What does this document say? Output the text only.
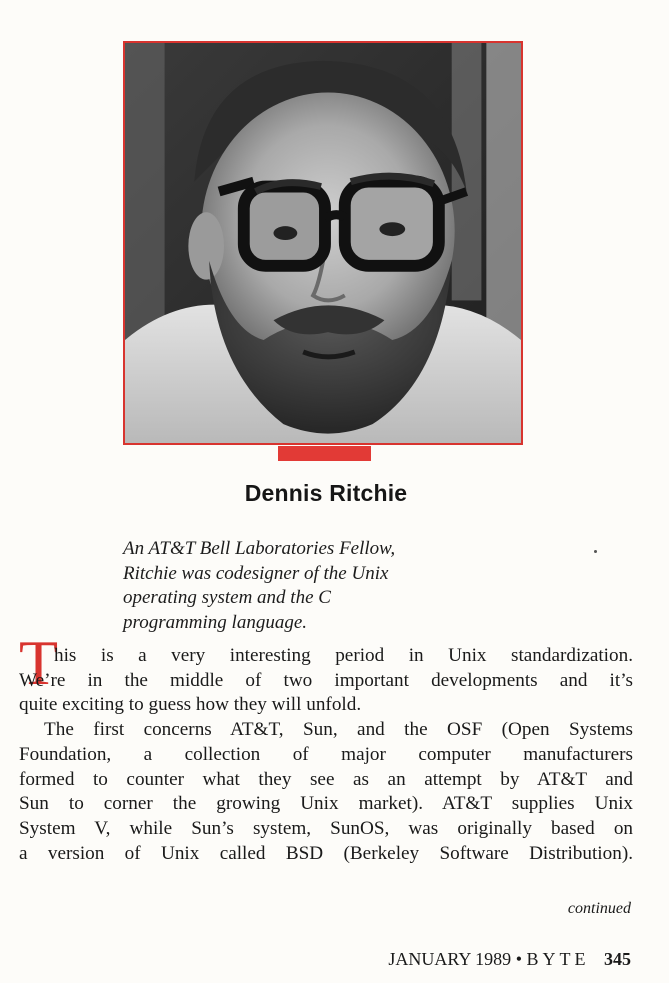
Dennis Ritchie
An AT&T Bell Laboratories Fellow,
Ritchie was codesigner of the Unix
operating system and the C
programming language.
T
his is a very interesting period in Unix standardization.
We’re in the middle of two important developments and it’s
quite exciting to guess how they will unfold.
The first concerns AT&T, Sun, and the OSF (Open Systems
Foundation, a collection of major computer manufacturers
formed to counter what they see as an attempt by AT&T and
Sun to corner the growing Unix market). AT&T supplies Unix
System V, while Sun’s system, SunOS, was originally based on
a version of Unix called BSD (Berkeley Software Distribution).
continued
JANUARY 1989 • BYTE 345
